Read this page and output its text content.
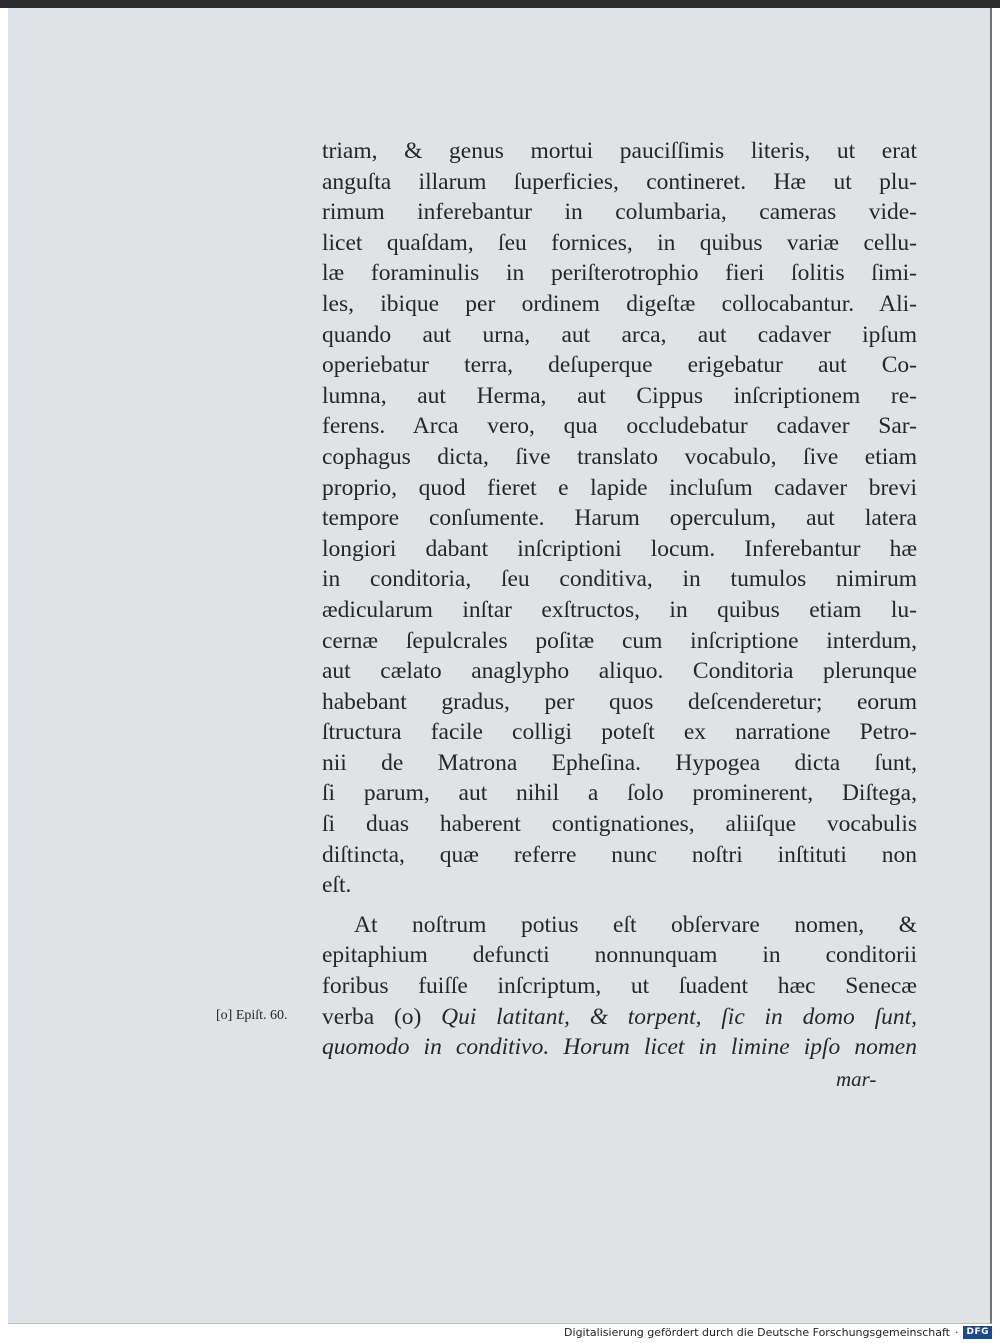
triam, & genus mortui pauciſſimis literis, ut erat
anguſta illarum ſuperficies, contineret. Hæ ut plu-
rimum inferebantur in columbaria, cameras vide-
licet quaſdam, ſeu fornices, in quibus variæ cellu-
læ foraminulis in periſterotrophio fieri ſolitis ſimi-
les, ibique per ordinem digeſtæ collocabantur. Ali-
quando aut urna, aut arca, aut cadaver ipſum
operiebatur terra, deſuperque erigebatur aut Co-
lumna, aut Herma, aut Cippus inſcriptionem re-
ferens. Arca vero, qua occludebatur cadaver Sar-
cophagus dicta, ſive translato vocabulo, ſive etiam
proprio, quod fieret e lapide incluſum cadaver brevi
tempore conſumente. Harum operculum, aut latera
longiori dabant inſcriptioni locum. Inferebantur hæ
in conditoria, ſeu conditiva, in tumulos nimirum
ædicularum inſtar exſtructos, in quibus etiam lu-
cernæ ſepulcrales poſitæ cum inſcriptione interdum,
aut cælato anaglypho aliquo. Conditoria plerunque
habebant gradus, per quos deſcenderetur; eorum
ſtructura facile colligi poteſt ex narratione Petro-
nii de Matrona Epheſina. Hypogea dicta ſunt,
ſi parum, aut nihil a ſolo prominerent, Diſtega,
ſi duas haberent contignationes, aliiſque vocabulis
diſtincta, quæ referre nunc noſtri inſtituti non
eſt.
At noſtrum potius eſt obſervare nomen, &
epitaphium defuncti nonnunquam in conditorii
foribus fuiſſe inſcriptum, ut ſuadent hæc Senecæ
verba (o) Qui latitant, & torpent, ſic in domo ſunt,
quomodo in conditivo. Horum licet in limine ipſo nomen
[o] Epiſt. 60.
mar-
Digitalisierung gefördert durch die Deutsche Forschungsgemeinschaft · DFG
